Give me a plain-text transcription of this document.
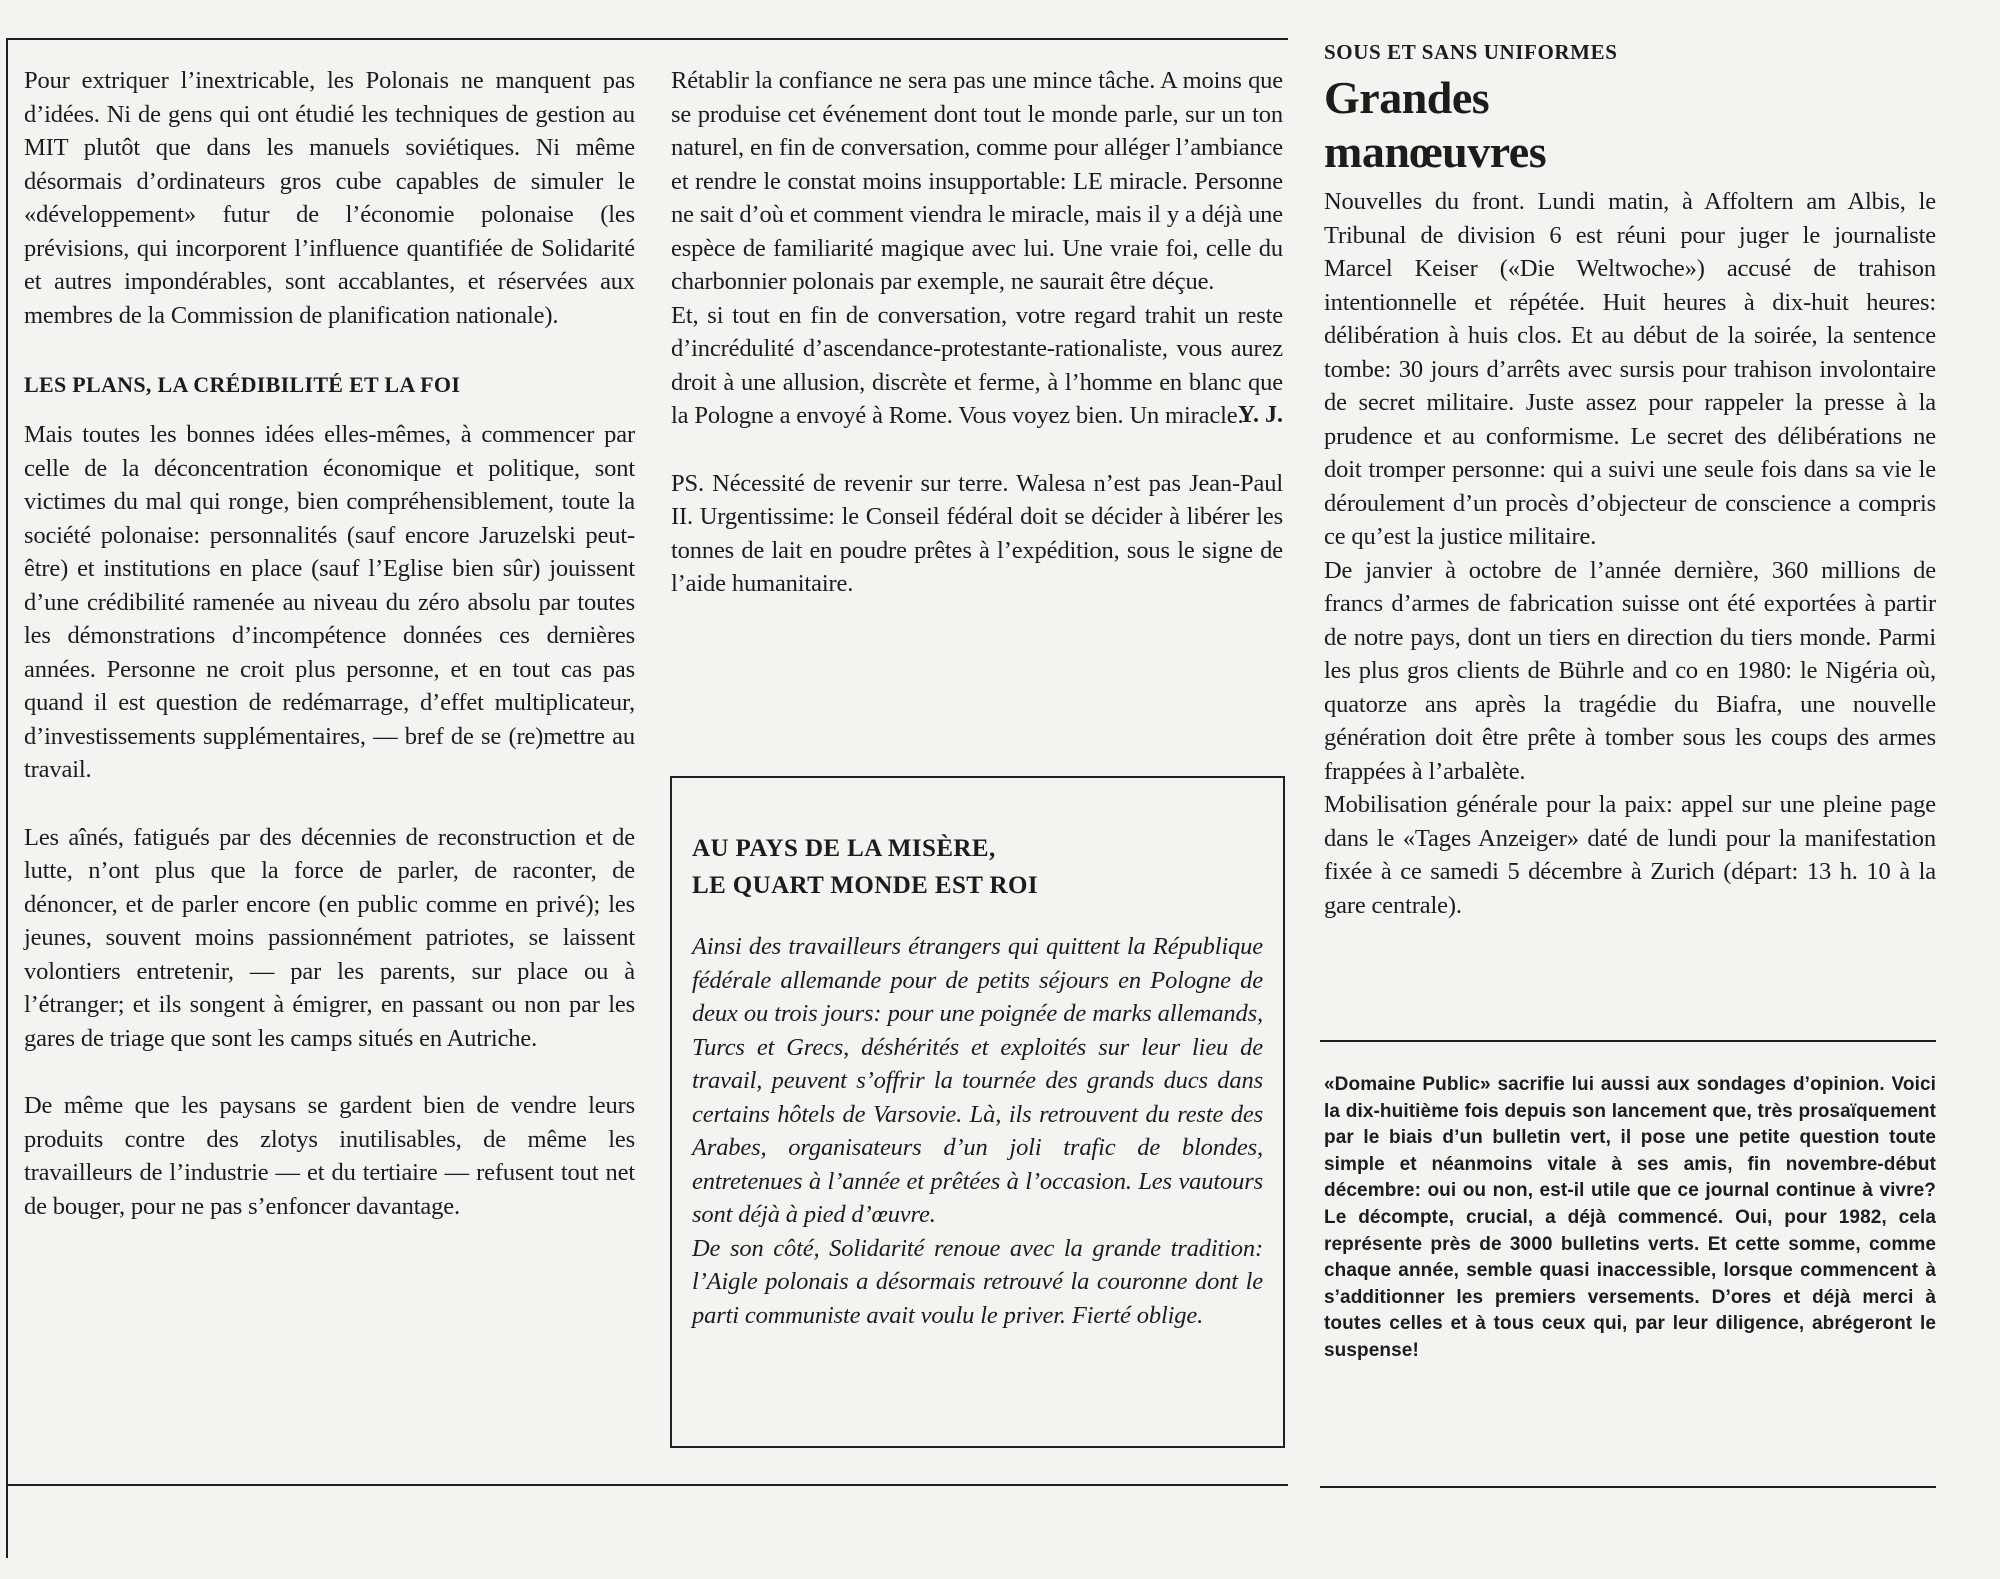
Pour extriquer l’inextricable, les Polonais ne manquent pas d’idées. Ni de gens qui ont étudié les techniques de gestion au MIT plutôt que dans les manuels soviétiques. Ni même désormais d’ordinateurs gros cube capables de simuler le «développement» futur de l’économie polonaise (les prévisions, qui incorporent l’influence quantifiée de Solidarité et autres impondérables, sont accablantes, et réservées aux membres de la Commission de planification nationale).

LES PLANS, LA CRÉDIBILITÉ ET LA FOI

Mais toutes les bonnes idées elles-mêmes, à commencer par celle de la déconcentration économique et politique, sont victimes du mal qui ronge, bien compréhensiblement, toute la société polonaise: personnalités (sauf encore Jaruzelski peut-être) et institutions en place (sauf l’Eglise bien sûr) jouissent d’une crédibilité ramenée au niveau du zéro absolu par toutes les démonstrations d’incompétence données ces dernières années. Personne ne croit plus personne, et en tout cas pas quand il est question de redémarrage, d’effet multiplicateur, d’investissements supplémentaires, — bref de se (re)mettre au travail.

Les aînés, fatigués par des décennies de reconstruction et de lutte, n’ont plus que la force de parler, de raconter, de dénoncer, et de parler encore (en public comme en privé); les jeunes, souvent moins passionnément patriotes, se laissent volontiers entretenir, — par les parents, sur place ou à l’étranger; et ils songent à émigrer, en passant ou non par les gares de triage que sont les camps situés en Autriche.

De même que les paysans se gardent bien de vendre leurs produits contre des zlotys inutilisables, de même les travailleurs de l’industrie — et du tertiaire — refusent tout net de bouger, pour ne pas s’enfoncer davantage.

Rétablir la confiance ne sera pas une mince tâche. A moins que se produise cet événement dont tout le monde parle, sur un ton naturel, en fin de conversation, comme pour alléger l’ambiance et rendre le constat moins insupportable: LE miracle. Personne ne sait d’où et comment viendra le miracle, mais il y a déjà une espèce de familiarité magique avec lui. Une vraie foi, celle du charbonnier polonais par exemple, ne saurait être déçue.

Et, si tout en fin de conversation, votre regard trahit un reste d’incrédulité d’ascendance-protestante-rationaliste, vous aurez droit à une allusion, discrète et ferme, à l’homme en blanc que la Pologne a envoyé à Rome. Vous voyez bien. Un miracle.

Y. J.

PS. Nécessité de revenir sur terre. Walesa n’est pas Jean-Paul II. Urgentissime: le Conseil fédéral doit se décider à libérer les tonnes de lait en poudre prêtes à l’expédition, sous le signe de l’aide humanitaire.

AU PAYS DE LA MISÈRE,
LE QUART MONDE EST ROI

Ainsi des travailleurs étrangers qui quittent la République fédérale allemande pour de petits séjours en Pologne de deux ou trois jours: pour une poignée de marks allemands, Turcs et Grecs, déshérités et exploités sur leur lieu de travail, peuvent s’offrir la tournée des grands ducs dans certains hôtels de Varsovie. Là, ils retrouvent du reste des Arabes, organisateurs d’un joli trafic de blondes, entretenues à l’année et prêtées à l’occasion. Les vautours sont déjà à pied d’œuvre.

De son côté, Solidarité renoue avec la grande tradition: l’Aigle polonais a désormais retrouvé la couronne dont le parti communiste avait voulu le priver. Fierté oblige.

SOUS ET SANS UNIFORMES

Grandes
manœuvres

Nouvelles du front. Lundi matin, à Affoltern am Albis, le Tribunal de division 6 est réuni pour juger le journaliste Marcel Keiser («Die Weltwoche») accusé de trahison intentionnelle et répétée. Huit heures à dix-huit heures: délibération à huis clos. Et au début de la soirée, la sentence tombe: 30 jours d’arrêts avec sursis pour trahison involontaire de secret militaire. Juste assez pour rappeler la presse à la prudence et au conformisme. Le secret des délibérations ne doit tromper personne: qui a suivi une seule fois dans sa vie le déroulement d’un procès d’objecteur de conscience a compris ce qu’est la justice militaire.

De janvier à octobre de l’année dernière, 360 millions de francs d’armes de fabrication suisse ont été exportées à partir de notre pays, dont un tiers en direction du tiers monde. Parmi les plus gros clients de Bührle and co en 1980: le Nigéria où, quatorze ans après la tragédie du Biafra, une nouvelle génération doit être prête à tomber sous les coups des armes frappées à l’arbalète.

Mobilisation générale pour la paix: appel sur une pleine page dans le «Tages Anzeiger» daté de lundi pour la manifestation fixée à ce samedi 5 décembre à Zurich (départ: 13 h. 10 à la gare centrale).

«Domaine Public» sacrifie lui aussi aux sondages d’opinion. Voici la dix-huitième fois depuis son lancement que, très prosaïquement par le biais d’un bulletin vert, il pose une petite question toute simple et néanmoins vitale à ses amis, fin novembre-début décembre: oui ou non, est-il utile que ce journal continue à vivre? Le décompte, crucial, a déjà commencé. Oui, pour 1982, cela représente près de 3000 bulletins verts. Et cette somme, comme chaque année, semble quasi inaccessible, lorsque commencent à s’additionner les premiers versements. D’ores et déjà merci à toutes celles et à tous ceux qui, par leur diligence, abrégeront le suspense!
